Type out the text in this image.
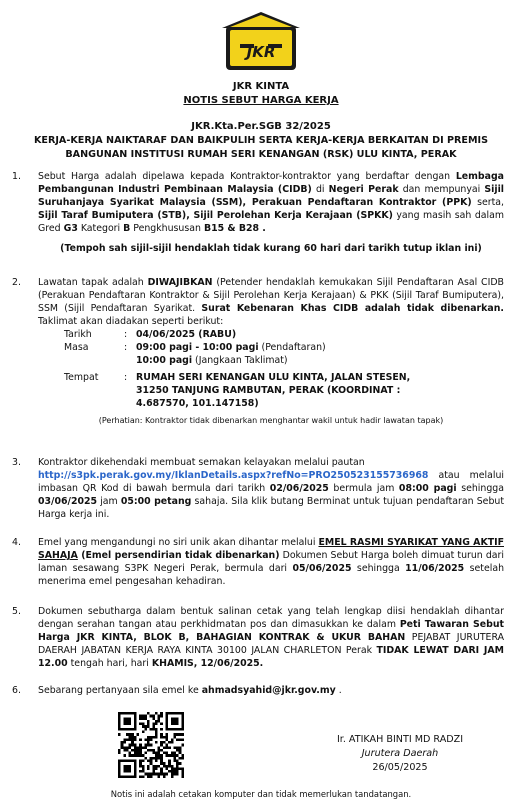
JKR
JKR KINTA
NOTIS SEBUT HARGA KERJA
JKR.Kta.Per.SGB 32/2025
KERJA-KERJA NAIKTARAF DAN BAIKPULIH SERTA KERJA-KERJA BERKAITAN DI PREMIS
BANGUNAN INSTITUSI RUMAH SERI KENANGAN (RSK) ULU KINTA, PERAK
1. Sebut Harga adalah dipelawa kepada Kontraktor-kontraktor yang berdaftar dengan Lembaga Pembangunan Industri Pembinaan Malaysia (CIDB) di Negeri Perak dan mempunyai Sijil Suruhanjaya Syarikat Malaysia (SSM), Perakuan Pendaftaran Kontraktor (PPK) serta, Sijil Taraf Bumiputera (STB), Sijil Perolehan Kerja Kerajaan (SPKK) yang masih sah dalam Gred G3 Kategori B Pengkhususan B15 & B28 .
(Tempoh sah sijil-sijil hendaklah tidak kurang 60 hari dari tarikh tutup iklan ini)
2. Lawatan tapak adalah DIWAJIBKAN (Petender hendaklah kemukakan Sijil Pendaftaran Asal CIDB (Perakuan Pendaftaran Kontraktor & Sijil Perolehan Kerja Kerajaan) & PKK (Sijil Taraf Bumiputera), SSM (Sijil Pendaftaran Syarikat. Surat Kebenaran Khas CIDB adalah tidak dibenarkan. Taklimat akan diadakan seperti berikut:
Tarikh	:	04/06/2025 (RABU)
Masa	:	09:00 pagi - 10:00 pagi (Pendaftaran)
		10:00 pagi (Jangkaan Taklimat)
Tempat	:	RUMAH SERI KENANGAN ULU KINTA, JALAN STESEN, 31250 TANJUNG RAMBUTAN, PERAK (KOORDINAT : 4.687570, 101.147158)
(Perhatian: Kontraktor tidak dibenarkan menghantar wakil untuk hadir lawatan tapak)
3. Kontraktor dikehendaki membuat semakan kelayakan melalui pautan
http://s3pk.perak.gov.my/IklanDetails.aspx?refNo=PRO250523155736968 atau melalui imbasan QR Kod di bawah bermula dari tarikh 02/06/2025 bermula jam 08:00 pagi sehingga 03/06/2025 jam 05:00 petang sahaja. Sila klik butang Berminat untuk tujuan pendaftaran Sebut Harga kerja ini.
4. Emel yang mengandungi no siri unik akan dihantar melalui EMEL RASMI SYARIKAT YANG AKTIF SAHAJA (Emel persendirian tidak dibenarkan) Dokumen Sebut Harga boleh dimuat turun dari laman sesawang S3PK Negeri Perak, bermula dari 05/06/2025 sehingga 11/06/2025 setelah menerima emel pengesahan kehadiran.
5. Dokumen sebutharga dalam bentuk salinan cetak yang telah lengkap diisi hendaklah dihantar dengan serahan tangan atau perkhidmatan pos dan dimasukkan ke dalam Peti Tawaran Sebut Harga JKR KINTA, BLOK B, BAHAGIAN KONTRAK & UKUR BAHAN PEJABAT JURUTERA DAERAH JABATAN KERJA RAYA KINTA 30100 JALAN CHARLETON Perak TIDAK LEWAT DARI JAM 12.00 tengah hari, hari KHAMIS, 12/06/2025.
6. Sebarang pertanyaan sila emel ke ahmadsyahid@jkr.gov.my .
Ir. ATIKAH BINTI MD RADZI
Jurutera Daerah
26/05/2025
Notis ini adalah cetakan komputer dan tidak memerlukan tandatangan.
